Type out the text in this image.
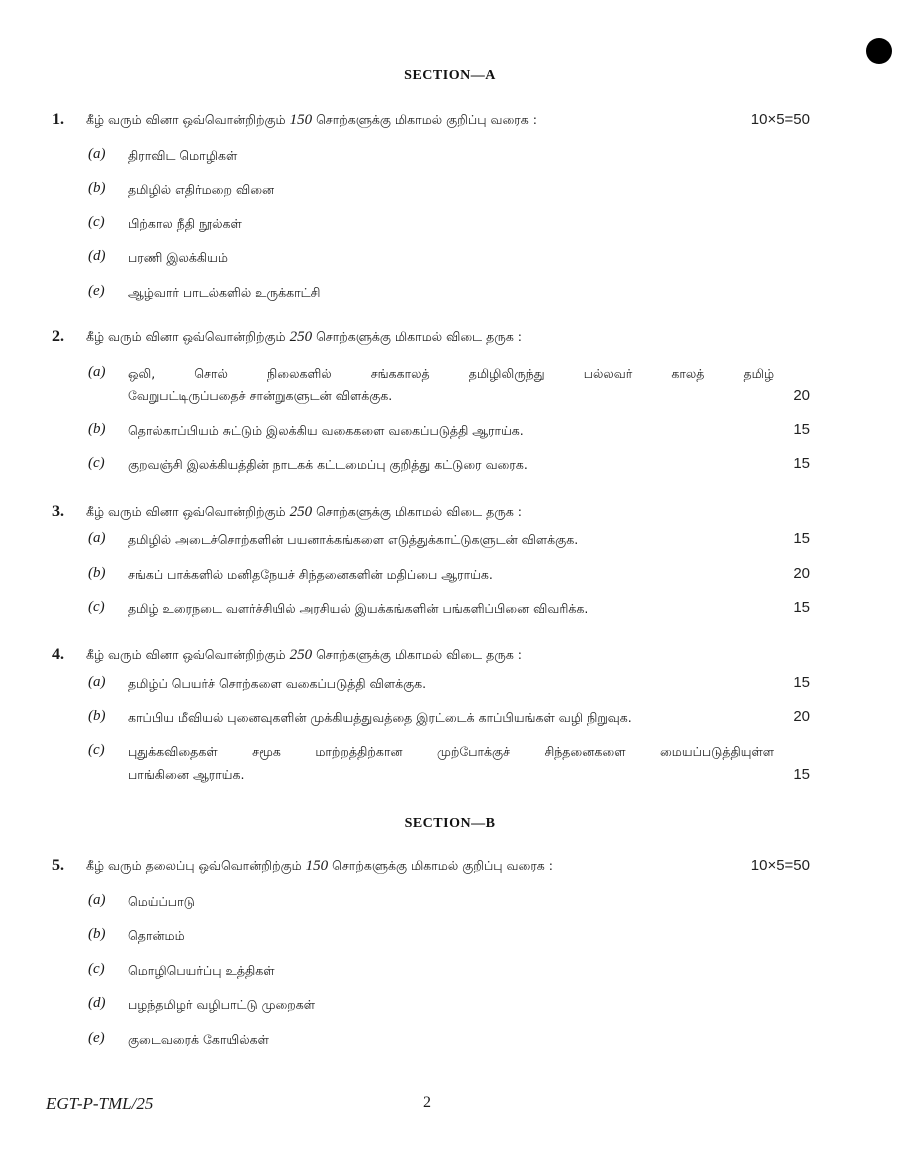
SECTION—A
1. கீழ் வரும் வினா ஒவ்வொன்றிற்கும் 150 சொற்களுக்கு மிகாமல் குறிப்பு வரைக :	10×5=50
(a) திராவிட மொழிகள்
(b) தமிழில் எதிர்மறை வினை
(c) பிற்கால நீதி நூல்கள்
(d) பரணி இலக்கியம்
(e) ஆழ்வார் பாடல்களில் உருக்காட்சி
2. கீழ் வரும் வினா ஒவ்வொன்றிற்கும் 250 சொற்களுக்கு மிகாமல் விடை தருக :
(a) ஒலி, சொல் நிலைகளில் சங்ககாலத் தமிழிலிருந்து பல்லவர் காலத் தமிழ்
வேறுபட்டிருப்பதைச் சான்றுகளுடன் விளக்குக.	20
(b) தொல்காப்பியம் சுட்டும் இலக்கிய வகைகளை வகைப்படுத்தி ஆராய்க.	15
(c) குறவஞ்சி இலக்கியத்தின் நாடகக் கட்டமைப்பு குறித்து கட்டுரை வரைக.	15
3. கீழ் வரும் வினா ஒவ்வொன்றிற்கும் 250 சொற்களுக்கு மிகாமல் விடை தருக :
(a) தமிழில் அடைச்சொற்களின் பயனாக்கங்களை எடுத்துக்காட்டுகளுடன் விளக்குக.	15
(b) சங்கப் பாக்களில் மனிதநேயச் சிந்தனைகளின் மதிப்பை ஆராய்க.	20
(c) தமிழ் உரைநடை வளர்ச்சியில் அரசியல் இயக்கங்களின் பங்களிப்பினை விவரிக்க.	15
4. கீழ் வரும் வினா ஒவ்வொன்றிற்கும் 250 சொற்களுக்கு மிகாமல் விடை தருக :
(a) தமிழ்ப் பெயர்ச் சொற்களை வகைப்படுத்தி விளக்குக.	15
(b) காப்பிய மீவியல் புனைவுகளின் முக்கியத்துவத்தை இரட்டைக் காப்பியங்கள் வழி நிறுவுக.	20
(c) புதுக்கவிதைகள் சமூக மாற்றத்திற்கான முற்போக்குச் சிந்தனைகளை மையப்படுத்தியுள்ள
பாங்கினை ஆராய்க.	15
SECTION—B
5. கீழ் வரும் தலைப்பு ஒவ்வொன்றிற்கும் 150 சொற்களுக்கு மிகாமல் குறிப்பு வரைக :	10×5=50
(a) மெய்ப்பாடு
(b) தொன்மம்
(c) மொழிபெயர்ப்பு உத்திகள்
(d) பழந்தமிழர் வழிபாட்டு முறைகள்
(e) குடைவரைக் கோயில்கள்
EGT-P-TML/25	2
